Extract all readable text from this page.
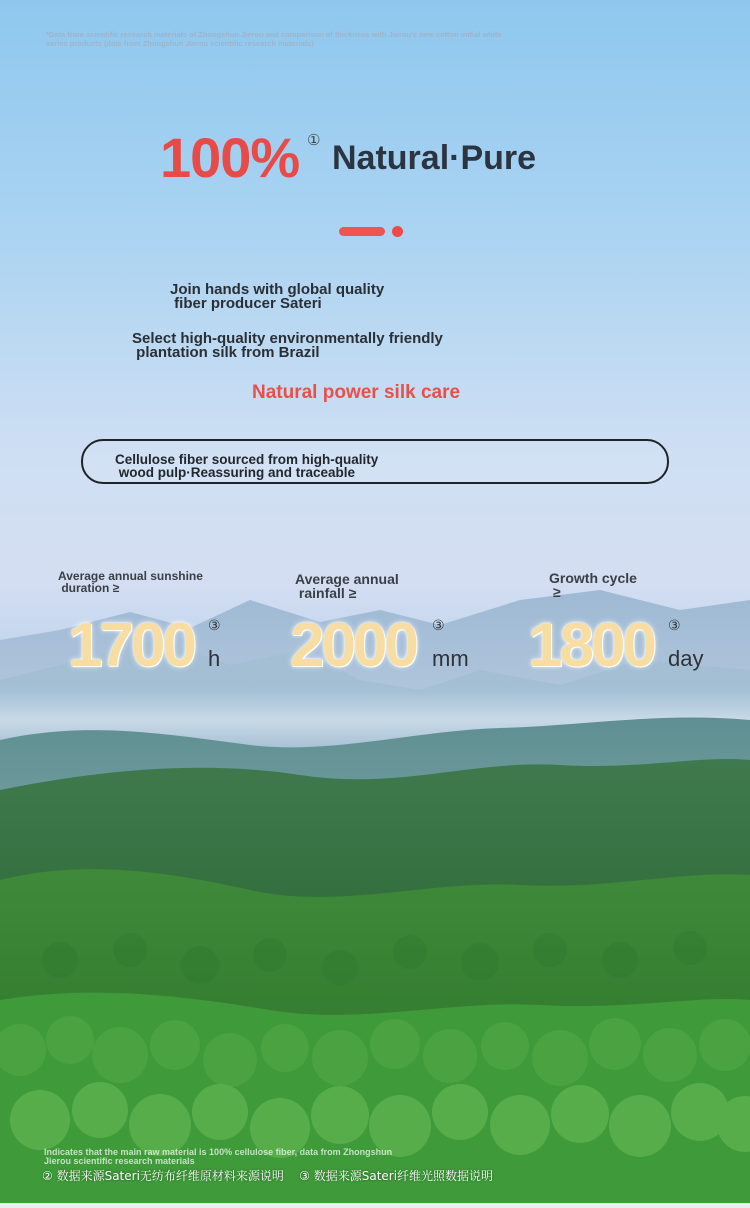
*Data from scientific research materials of Zhongshun Jierou and comparison of thickness with Jierou's new cotton initial white series products (data from Zhongshun Jierou scientific research materials)
100% ① Natural·Pure
Join hands with global quality
fiber producer Sateri
Select high-quality environmentally friendly
plantation silk from Brazil
Natural power silk care
Cellulose fiber sourced from high-quality
wood pulp·Reassuring and traceable
Average annual sunshine
duration ≥
Average annual
rainfall ≥
Growth cycle
≥
1700 2000 1800
③	③	③
h	mm	day
Indicates that the main raw material is 100% cellulose fiber, data from Zhongshun Jierou scientific research materials
② 数据来源Sateri无纺布纤维原材料来源说明    ③ 数据来源Sateri纤维光照数据说明
